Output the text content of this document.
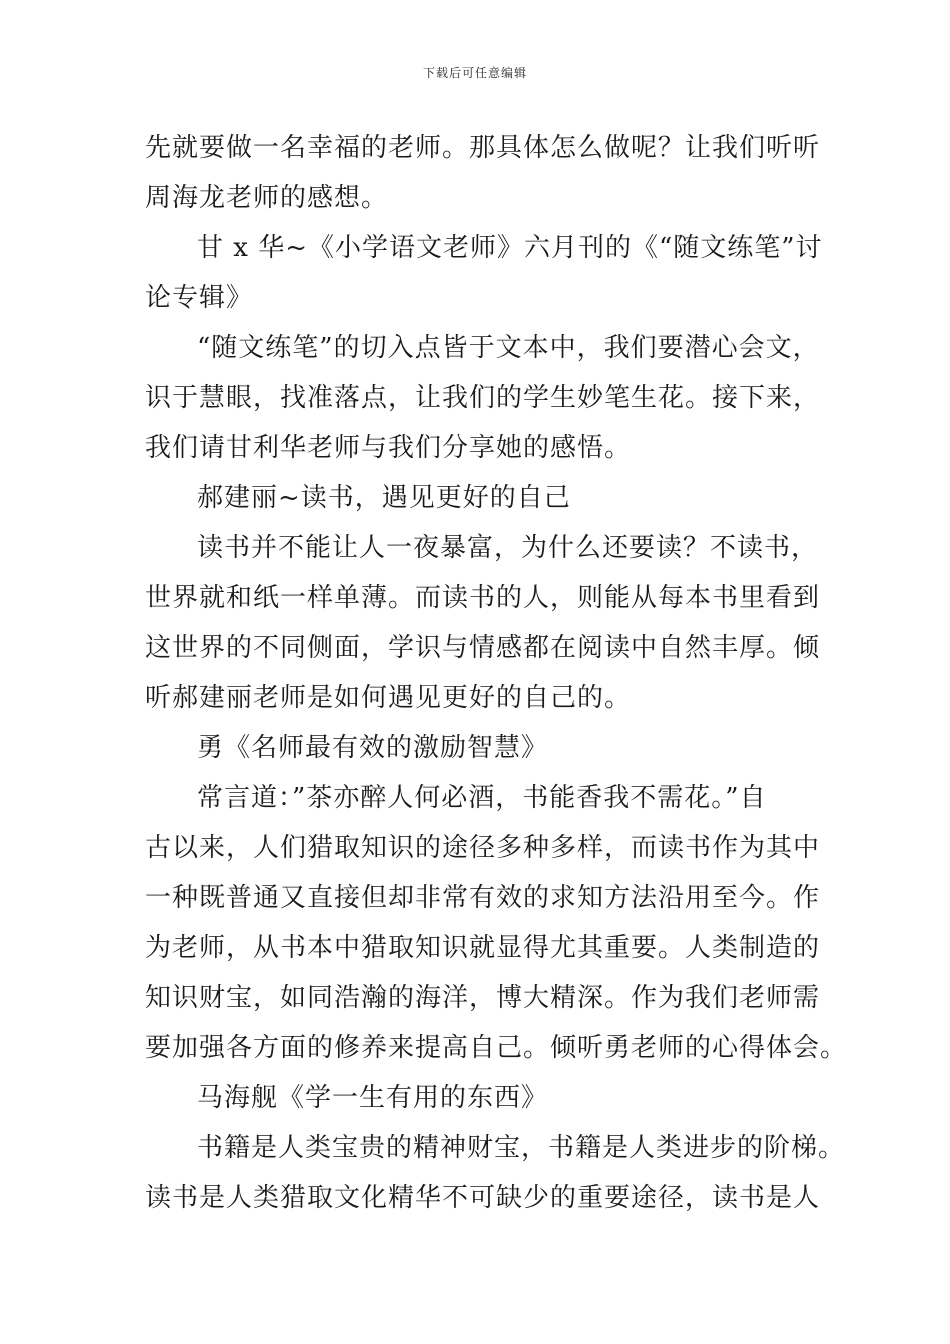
下载后可任意编辑
先就要做一名幸福的老师。那具体怎么做呢？让我们听听
周海龙老师的感想。
甘 x 华~《小学语文老师》六月刊的《“随文练笔”讨
论专辑》
“随文练笔”的切入点皆于文本中，我们要潜心会文，
识于慧眼，找准落点，让我们的学生妙笔生花。接下来，
我们请甘利华老师与我们分享她的感悟。
郝建丽~读书，遇见更好的自己
读书并不能让人一夜暴富，为什么还要读？不读书，
世界就和纸一样单薄。而读书的人，则能从每本书里看到
这世界的不同侧面，学识与情感都在阅读中自然丰厚。倾
听郝建丽老师是如何遇见更好的自己的。
勇《名师最有效的激励智慧》
常言道：”茶亦醉人何必酒，书能香我不需花。”自
古以来，人们猎取知识的途径多种多样，而读书作为其中
一种既普通又直接但却非常有效的求知方法沿用至今。作
为老师，从书本中猎取知识就显得尤其重要。人类制造的
知识财宝，如同浩瀚的海洋，博大精深。作为我们老师需
要加强各方面的修养来提高自己。倾听勇老师的心得体会。
马海舰《学一生有用的东西》
书籍是人类宝贵的精神财宝，书籍是人类进步的阶梯。
读书是人类猎取文化精华不可缺少的重要途径，读书是人
